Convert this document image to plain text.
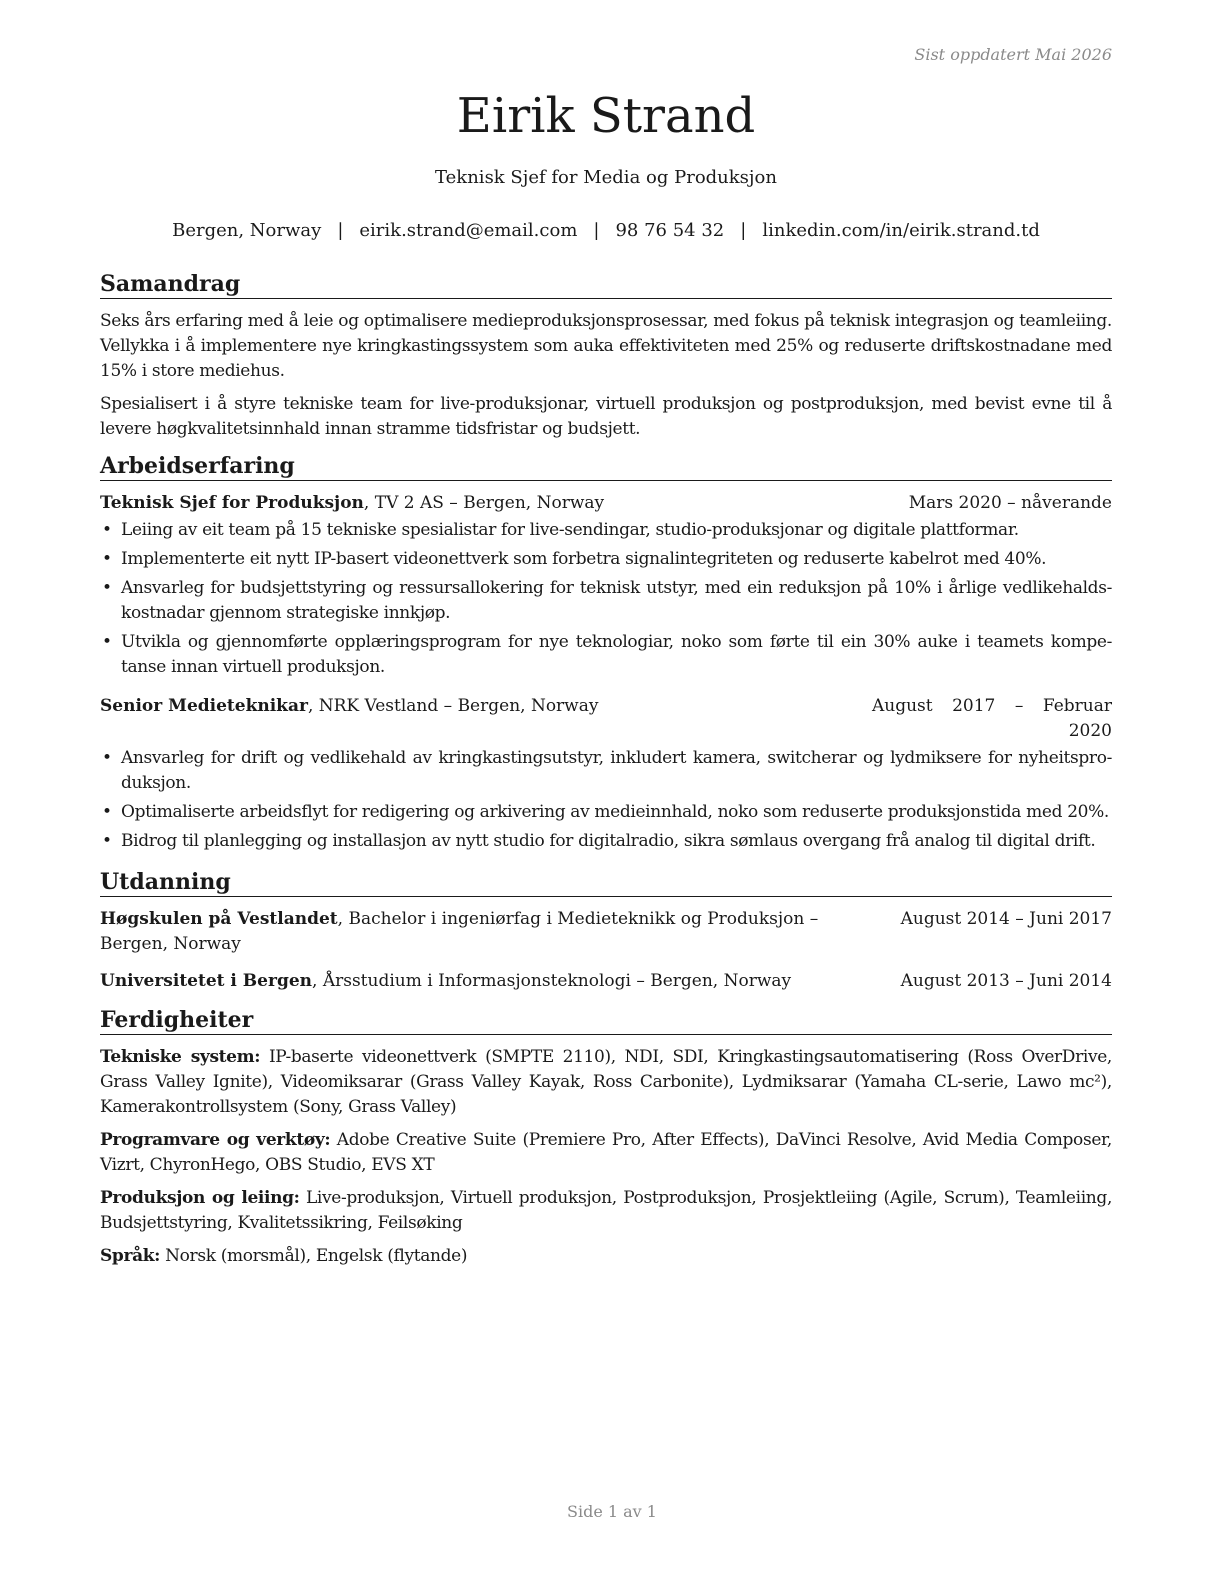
Sist oppdatert Mai 2026
Eirik Strand
Teknisk Sjef for Media og Produksjon
Bergen, Norway | eirik.strand@email.com | 98 76 54 32 | linkedin.com/in/eirik.strand.td
Samandrag

Seks års erfaring med å leie og optimalisere medieproduksjonsprosessar, med fokus på teknisk integrasjon og teamleiing. Vellykka i å implementere nye kringkastingssystem som auka effektiviteten med 25% og reduserte driftskostnadane med 15% i store mediehus.

Spesialisert i å styre tekniske team for live-produksjonar, virtuell produksjon og postproduksjon, med bevist evne til å levere høgkvalitetsinnhald innan stramme tidsfristar og budsjett.

Arbeidserfaring
Teknisk Sjef for Produksjon, TV 2 AS – Bergen, Norway	Mars 2020 – nåverande
• Leiing av eit team på 15 tekniske spesialistar for live-sendingar, studio-produksjonar og digitale plattformar.
• Implementerte eit nytt IP-basert videonettverk som forbetra signalintegriteten og reduserte kabelrot med 40%.
• Ansvarleg for budsjettstyring og ressursallokering for teknisk utstyr, med ein reduksjon på 10% i årlige vedlikehalds-kostnadar gjennom strategiske innkjøp.
• Utvikla og gjennomførte opplæringsprogram for nye teknologiar, noko som førte til ein 30% auke i teamets kompe-tanse innan virtuell produksjon.
Senior Medieteknikar, NRK Vestland – Bergen, Norway	August 2017 – Februar 2020
• Ansvarleg for drift og vedlikehald av kringkastingsutstyr, inkludert kamera, switcherar og lydmiksere for nyheitspro-duksjon.
• Optimaliserte arbeidsflyt for redigering og arkivering av medieinnhald, noko som reduserte produksjonstida med 20%.
• Bidrog til planlegging og installasjon av nytt studio for digitalradio, sikra sømlaus overgang frå analog til digital drift.
Utdanning
Høgskulen på Vestlandet, Bachelor i ingeniørfag i Medieteknikk og Produksjon – Bergen, Norway
August 2014 – Juni 2017
Universitetet i Bergen, Årsstudium i Informasjonsteknologi – Bergen, Norway	August 2013 – Juni 2014
Ferdigheiter

Tekniske system: IP-baserte videonettverk (SMPTE 2110), NDI, SDI, Kringkastingsautomatisering (Ross OverDrive, Grass Valley Ignite), Videomiksarar (Grass Valley Kayak, Ross Carbonite), Lydmiksarar (Yamaha CL-serie, Lawo mc²), Kamerakontrollsystem (Sony, Grass Valley)

Programvare og verktøy: Adobe Creative Suite (Premiere Pro, After Effects), DaVinci Resolve, Avid Media Composer, Vizrt, ChyronHego, OBS Studio, EVS XT

Produksjon og leiing: Live-produksjon, Virtuell produksjon, Postproduksjon, Prosjektleiing (Agile, Scrum), Teamleiing, Budsjettstyring, Kvalitetssikring, Feilsøking

Språk: Norsk (morsmål), Engelsk (flytande)

Side 1 av 1
